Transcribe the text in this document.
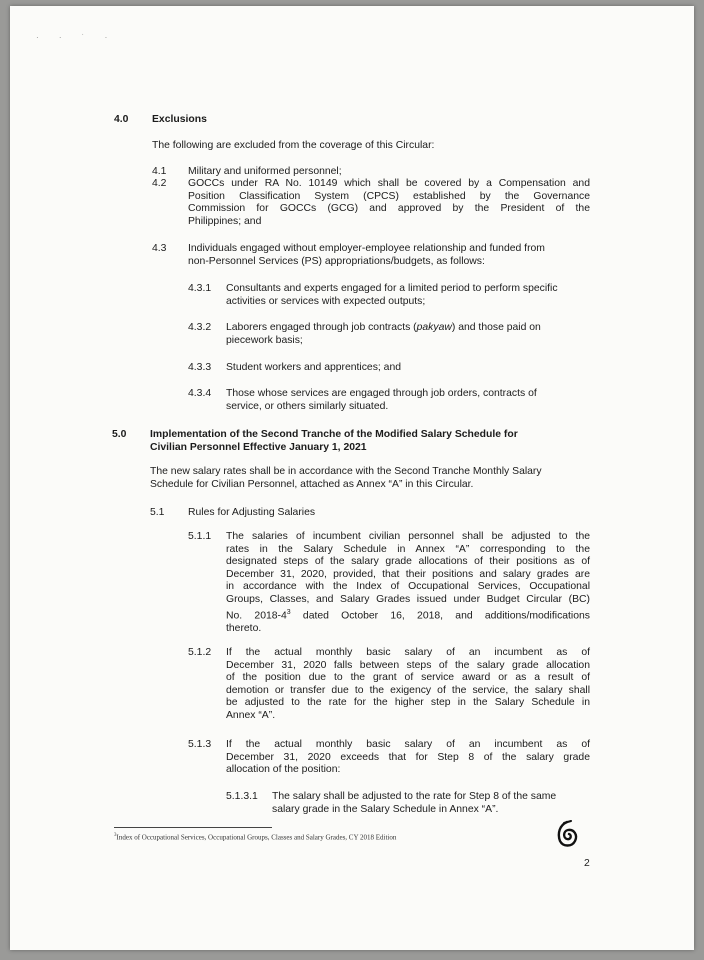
· · ˙ ·
4.0 Exclusions
The following are excluded from the coverage of this Circular:
4.1 Military and uniformed personnel;
4.2 GOCCs under RA No. 10149 which shall be covered by a Compensation and
Position Classification System (CPCS) established by the Governance
Commission for GOCCs (GCG) and approved by the President of the
Philippines; and
4.3 Individuals engaged without employer-employee relationship and funded from
non-Personnel Services (PS) appropriations/budgets, as follows:
4.3.1 Consultants and experts engaged for a limited period to perform specific
activities or services with expected outputs;
4.3.2 Laborers engaged through job contracts (pakyaw) and those paid on
piecework basis;
4.3.3 Student workers and apprentices; and
4.3.4 Those whose services are engaged through job orders, contracts of
service, or others similarly situated.
5.0 Implementation of the Second Tranche of the Modified Salary Schedule for
Civilian Personnel Effective January 1, 2021
The new salary rates shall be in accordance with the Second Tranche Monthly Salary
Schedule for Civilian Personnel, attached as Annex “A” in this Circular.
5.1 Rules for Adjusting Salaries
5.1.1 The salaries of incumbent civilian personnel shall be adjusted to the
rates in the Salary Schedule in Annex “A” corresponding to the
designated steps of the salary grade allocations of their positions as of
December 31, 2020, provided, that their positions and salary grades are
in accordance with the Index of Occupational Services, Occupational
Groups, Classes, and Salary Grades issued under Budget Circular (BC)
No. $2018-4^3$ dated October 16, 2018, and additions/modifications
thereto.
5.1.2 If the actual monthly basic salary of an incumbent as of
December 31, 2020 falls between steps of the salary grade allocation
of the position due to the grant of service award or as a result of
demotion or transfer due to the exigency of the service, the salary shall
be adjusted to the rate for the higher step in the Salary Schedule in
Annex “A”.
5.1.3 If the actual monthly basic salary of an incumbent as of
December 31, 2020 exceeds that for Step 8 of the salary grade
allocation of the position:
5.1.3.1 The salary shall be adjusted to the rate for Step 8 of the same
salary grade in the Salary Schedule in Annex “A”.
$^3$Index of Occupational Services, Occupational Groups, Classes and Salary Grades, CY 2018 Edition
2
